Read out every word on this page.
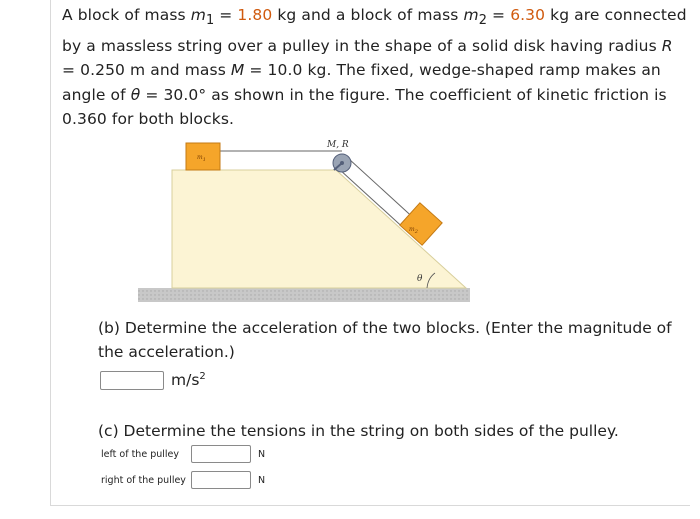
A block of mass $m_1 = 1.80$ kg and a block of mass $m_2 = 6.30$ kg are connected by a massless string over a pulley in the shape of a solid disk having radius R = 0.250 m and mass M = 10.0 kg. The fixed, wedge-shaped ramp makes an angle of θ = 30.0° as shown in the figure. The coefficient of kinetic friction is 0.360 for both blocks.
M, R
$m_1$
$m_2$
θ
(b) Determine the acceleration of the two blocks. (Enter the magnitude of the acceleration.)
$m/s^2$
(c) Determine the tensions in the string on both sides of the pulley.
left of the pulley	N
right of the pulley	N
